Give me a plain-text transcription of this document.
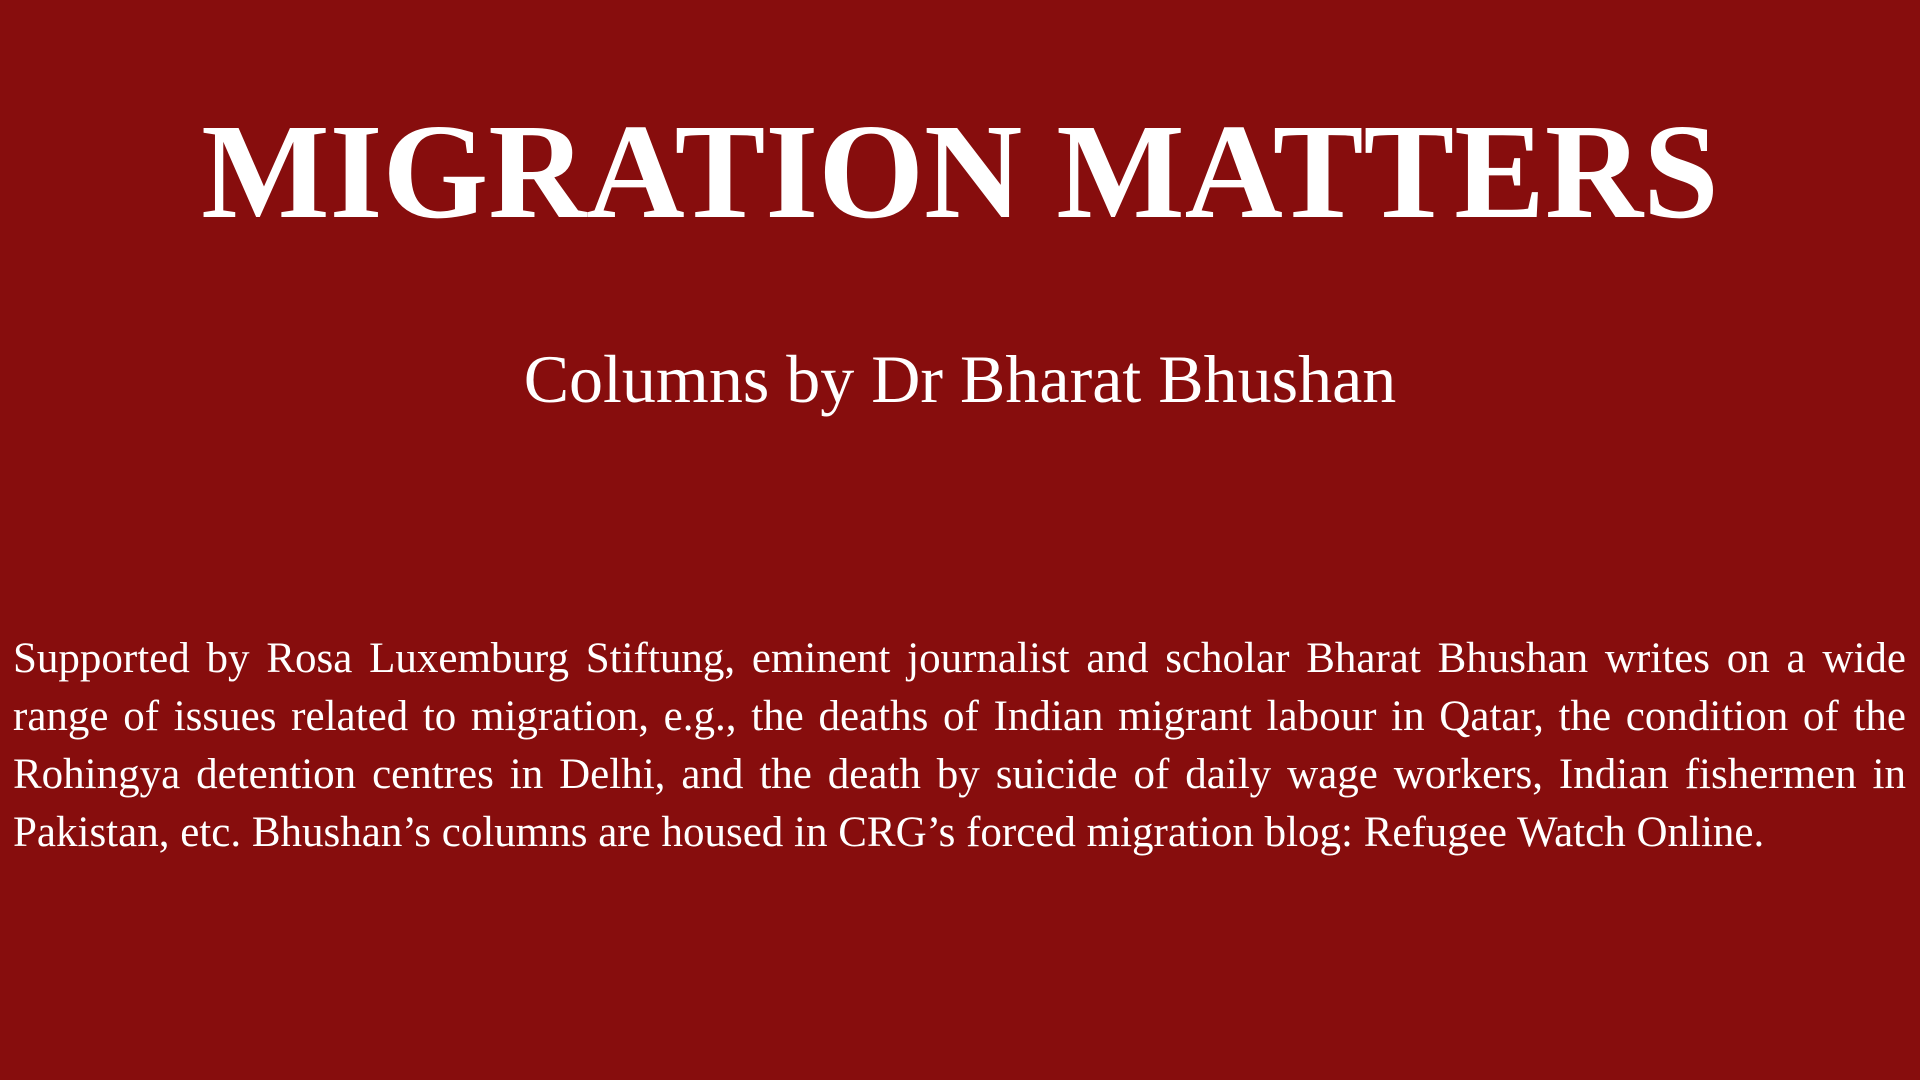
MIGRATION MATTERS
Columns by Dr Bharat Bhushan

Supported by Rosa Luxemburg Stiftung, eminent journalist and scholar Bharat Bhushan writes on a wide range of issues related to migration, e.g., the deaths of Indian migrant labour in Qatar, the condition of the Rohingya detention centres in Delhi, and the death by suicide of daily wage workers, Indian fishermen in Pakistan, etc. Bhushan’s columns are housed in CRG’s forced migration blog: Refugee Watch Online.
